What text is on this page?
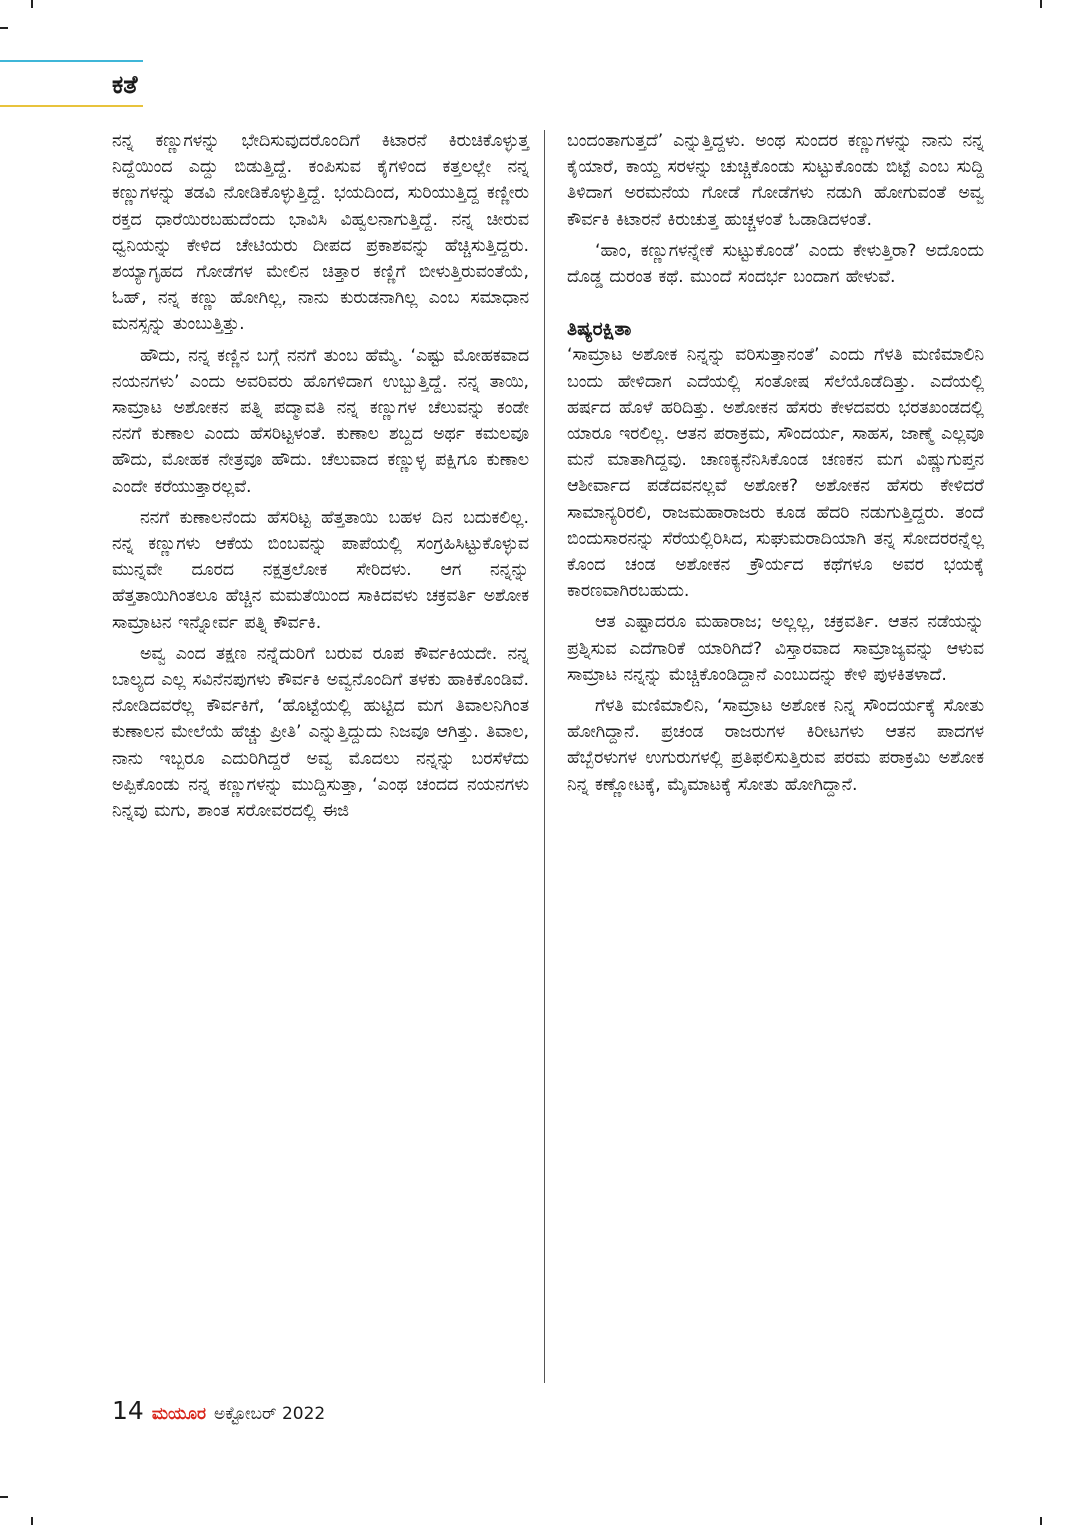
ಕತೆ

ನನ್ನ ಕಣ್ಣುಗಳನ್ನು ಭೇದಿಸುವುದರೊಂದಿಗೆ ಕಿಟಾರನೆ ಕಿರುಚಿಕೊಳ್ಳುತ್ತ ನಿದ್ದೆಯಿಂದ ಎದ್ದು ಬಿಡುತ್ತಿದ್ದೆ. ಕಂಪಿಸುವ ಕೈಗಳಿಂದ ಕತ್ತಲಲ್ಲೇ ನನ್ನ ಕಣ್ಣುಗಳನ್ನು ತಡವಿ ನೋಡಿಕೊಳ್ಳುತ್ತಿದ್ದೆ. ಭಯದಿಂದ, ಸುರಿಯುತ್ತಿದ್ದ ಕಣ್ಣೀರು ರಕ್ತದ ಧಾರೆಯಿರಬಹುದೆಂದು ಭಾವಿಸಿ ವಿಹ್ವಲನಾಗುತ್ತಿದ್ದೆ. ನನ್ನ ಚೀರುವ ಧ್ವನಿಯನ್ನು ಕೇಳಿದ ಚೇಟಿಯರು ದೀಪದ ಪ್ರಕಾಶವನ್ನು ಹೆಚ್ಚಿಸುತ್ತಿದ್ದರು. ಶಯ್ಯಾಗೃಹದ ಗೋಡೆಗಳ ಮೇಲಿನ ಚಿತ್ತಾರ ಕಣ್ಣಿಗೆ ಬೀಳುತ್ತಿರುವಂತೆಯೆ, ಓಹ್, ನನ್ನ ಕಣ್ಣು ಹೋಗಿಲ್ಲ, ನಾನು ಕುರುಡನಾಗಿಲ್ಲ ಎಂಬ ಸಮಾಧಾನ ಮನಸ್ಸನ್ನು ತುಂಬುತ್ತಿತ್ತು.

ಹೌದು, ನನ್ನ ಕಣ್ಣಿನ ಬಗ್ಗೆ ನನಗೆ ತುಂಬ ಹೆಮ್ಮೆ. ‘ಎಷ್ಟು ಮೋಹಕವಾದ ನಯನಗಳು’ ಎಂದು ಅವರಿವರು ಹೊಗಳಿದಾಗ ಉಬ್ಬುತ್ತಿದ್ದೆ. ನನ್ನ ತಾಯಿ, ಸಾಮ್ರಾಟ ಅಶೋಕನ ಪತ್ನಿ ಪದ್ಮಾವತಿ ನನ್ನ ಕಣ್ಣುಗಳ ಚೆಲುವನ್ನು ಕಂಡೇ ನನಗೆ ಕುಣಾಲ ಎಂದು ಹೆಸರಿಟ್ಟಳಂತೆ. ಕುಣಾಲ ಶಬ್ದದ ಅರ್ಥ ಕಮಲವೂ ಹೌದು, ಮೋಹಕ ನೇತ್ರವೂ ಹೌದು. ಚೆಲುವಾದ ಕಣ್ಣುಳ್ಳ ಪಕ್ಷಿಗೂ ಕುಣಾಲ ಎಂದೇ ಕರೆಯುತ್ತಾರಲ್ಲವೆ.

ನನಗೆ ಕುಣಾಲನೆಂದು ಹೆಸರಿಟ್ಟ ಹೆತ್ತತಾಯಿ ಬಹಳ ದಿನ ಬದುಕಲಿಲ್ಲ. ನನ್ನ ಕಣ್ಣುಗಳು ಆಕೆಯ ಬಿಂಬವನ್ನು ಪಾಪೆಯಲ್ಲಿ ಸಂಗ್ರಹಿಸಿಟ್ಟುಕೊಳ್ಳುವ ಮುನ್ನವೇ ದೂರದ ನಕ್ಷತ್ರಲೋಕ ಸೇರಿದಳು. ಆಗ ನನ್ನನ್ನು ಹೆತ್ತತಾಯಿಗಿಂತಲೂ ಹೆಚ್ಚಿನ ಮಮತೆಯಿಂದ ಸಾಕಿದವಳು ಚಕ್ರವರ್ತಿ ಅಶೋಕ ಸಾಮ್ರಾಟನ ಇನ್ನೋರ್ವ ಪತ್ನಿ ಕೌರ್ವಕಿ.

ಅವ್ವ ಎಂದ ತಕ್ಷಣ ನನ್ನೆದುರಿಗೆ ಬರುವ ರೂಪ ಕೌರ್ವಕಿಯದೇ. ನನ್ನ ಬಾಲ್ಯದ ಎಲ್ಲ ಸವಿನೆನಪುಗಳು ಕೌರ್ವಕಿ ಅವ್ವನೊಂದಿಗೆ ತಳಕು ಹಾಕಿಕೊಂಡಿವೆ. ನೋಡಿದವರೆಲ್ಲ ಕೌರ್ವಕಿಗೆ, ‘ಹೊಟ್ಟೆಯಲ್ಲಿ ಹುಟ್ಟಿದ ಮಗ ತಿವಾಲನಿಗಿಂತ ಕುಣಾಲನ ಮೇಲೆಯೆ ಹೆಚ್ಚು ಪ್ರೀತಿ’ ಎನ್ನುತ್ತಿದ್ದುದು ನಿಜವೂ ಆಗಿತ್ತು. ತಿವಾಲ, ನಾನು ಇಬ್ಬರೂ ಎದುರಿಗಿದ್ದರೆ ಅವ್ವ ಮೊದಲು ನನ್ನನ್ನು ಬರಸೆಳೆದು ಅಪ್ಪಿಕೊಂಡು ನನ್ನ ಕಣ್ಣುಗಳನ್ನು ಮುದ್ದಿಸುತ್ತಾ, ‘ಎಂಥ ಚಂದದ ನಯನಗಳು ನಿನ್ನವು ಮಗು, ಶಾಂತ ಸರೋವರದಲ್ಲಿ ಈಜಿ

ಬಂದಂತಾಗುತ್ತದೆ’ ಎನ್ನುತ್ತಿದ್ದಳು. ಅಂಥ ಸುಂದರ ಕಣ್ಣುಗಳನ್ನು ನಾನು ನನ್ನ ಕೈಯಾರೆ, ಕಾಯ್ದ ಸರಳನ್ನು ಚುಚ್ಚಿಕೊಂಡು ಸುಟ್ಟುಕೊಂಡು ಬಿಟ್ಟೆ ಎಂಬ ಸುದ್ದಿ ತಿಳಿದಾಗ ಅರಮನೆಯ ಗೋಡೆ ಗೋಡೆಗಳು ನಡುಗಿ ಹೋಗುವಂತೆ ಅವ್ವ ಕೌರ್ವಕಿ ಕಿಟಾರನೆ ಕಿರುಚುತ್ತ ಹುಚ್ಚಳಂತೆ ಓಡಾಡಿದಳಂತೆ.

‘ಹಾಂ, ಕಣ್ಣುಗಳನ್ನೇಕೆ ಸುಟ್ಟುಕೊಂಡೆ’ ಎಂದು ಕೇಳುತ್ತಿರಾ? ಅದೊಂದು ದೊಡ್ಡ ದುರಂತ ಕಥೆ. ಮುಂದೆ ಸಂದರ್ಭ ಬಂದಾಗ ಹೇಳುವೆ.

ತಿಷ್ಯರಕ್ಷಿತಾ

‘ಸಾಮ್ರಾಟ ಅಶೋಕ ನಿನ್ನನ್ನು ವರಿಸುತ್ತಾನಂತೆ’ ಎಂದು ಗೆಳತಿ ಮಣಿಮಾಲಿನಿ ಬಂದು ಹೇಳಿದಾಗ ಎದೆಯಲ್ಲಿ ಸಂತೋಷ ಸೆಲೆಯೊಡೆದಿತ್ತು. ಎದೆಯಲ್ಲಿ ಹರ್ಷದ ಹೊಳೆ ಹರಿದಿತ್ತು. ಅಶೋಕನ ಹೆಸರು ಕೇಳದವರು ಭರತಖಂಡದಲ್ಲಿ ಯಾರೂ ಇರಲಿಲ್ಲ. ಆತನ ಪರಾಕ್ರಮ, ಸೌಂದರ್ಯ, ಸಾಹಸ, ಜಾಣ್ಮೆ ಎಲ್ಲವೂ ಮನೆ ಮಾತಾಗಿದ್ದವು. ಚಾಣಕ್ಯನೆನಿಸಿಕೊಂಡ ಚಣಕನ ಮಗ ವಿಷ್ಣುಗುಪ್ತನ ಆಶೀರ್ವಾದ ಪಡೆದವನಲ್ಲವೆ ಅಶೋಕ? ಅಶೋಕನ ಹೆಸರು ಕೇಳಿದರೆ ಸಾಮಾನ್ಯರಿರಲಿ, ರಾಜಮಹಾರಾಜರು ಕೂಡ ಹೆದರಿ ನಡುಗುತ್ತಿದ್ದರು. ತಂದೆ ಬಿಂದುಸಾರನನ್ನು ಸೆರೆಯಲ್ಲಿರಿಸಿದ, ಸುಘುಮರಾದಿಯಾಗಿ ತನ್ನ ಸೋದರರನ್ನೆಲ್ಲ ಕೊಂದ ಚಂಡ ಅಶೋಕನ ಕ್ರೌರ್ಯದ ಕಥೆಗಳೂ ಅವರ ಭಯಕ್ಕೆ ಕಾರಣವಾಗಿರಬಹುದು.

ಆತ ಎಷ್ಟಾದರೂ ಮಹಾರಾಜ; ಅಲ್ಲಲ್ಲ, ಚಕ್ರವರ್ತಿ. ಆತನ ನಡೆಯನ್ನು ಪ್ರಶ್ನಿಸುವ ಎದೆಗಾರಿಕೆ ಯಾರಿಗಿದೆ? ವಿಸ್ತಾರವಾದ ಸಾಮ್ರಾಜ್ಯವನ್ನು ಆಳುವ ಸಾಮ್ರಾಟ ನನ್ನನ್ನು ಮೆಚ್ಚಿಕೊಂಡಿದ್ದಾನೆ ಎಂಬುದನ್ನು ಕೇಳಿ ಪುಳಕಿತಳಾದೆ.

ಗೆಳತಿ ಮಣಿಮಾಲಿನಿ, ‘ಸಾಮ್ರಾಟ ಅಶೋಕ ನಿನ್ನ ಸೌಂದರ್ಯಕ್ಕೆ ಸೋತು ಹೋಗಿದ್ದಾನೆ. ಪ್ರಚಂಡ ರಾಜರುಗಳ ಕಿರೀಟಗಳು ಆತನ ಪಾದಗಳ ಹೆಬ್ಬೆರಳುಗಳ ಉಗುರುಗಳಲ್ಲಿ ಪ್ರತಿಫಲಿಸುತ್ತಿರುವ ಪರಮ ಪರಾಕ್ರಮಿ ಅಶೋಕ ನಿನ್ನ ಕಣ್ಣೋಟಕ್ಕೆ, ಮೈಮಾಟಕ್ಕೆ ಸೋತು ಹೋಗಿದ್ದಾನೆ.

14 ಮಯೂರ ಅಕ್ಟೋಬರ್ 2022
